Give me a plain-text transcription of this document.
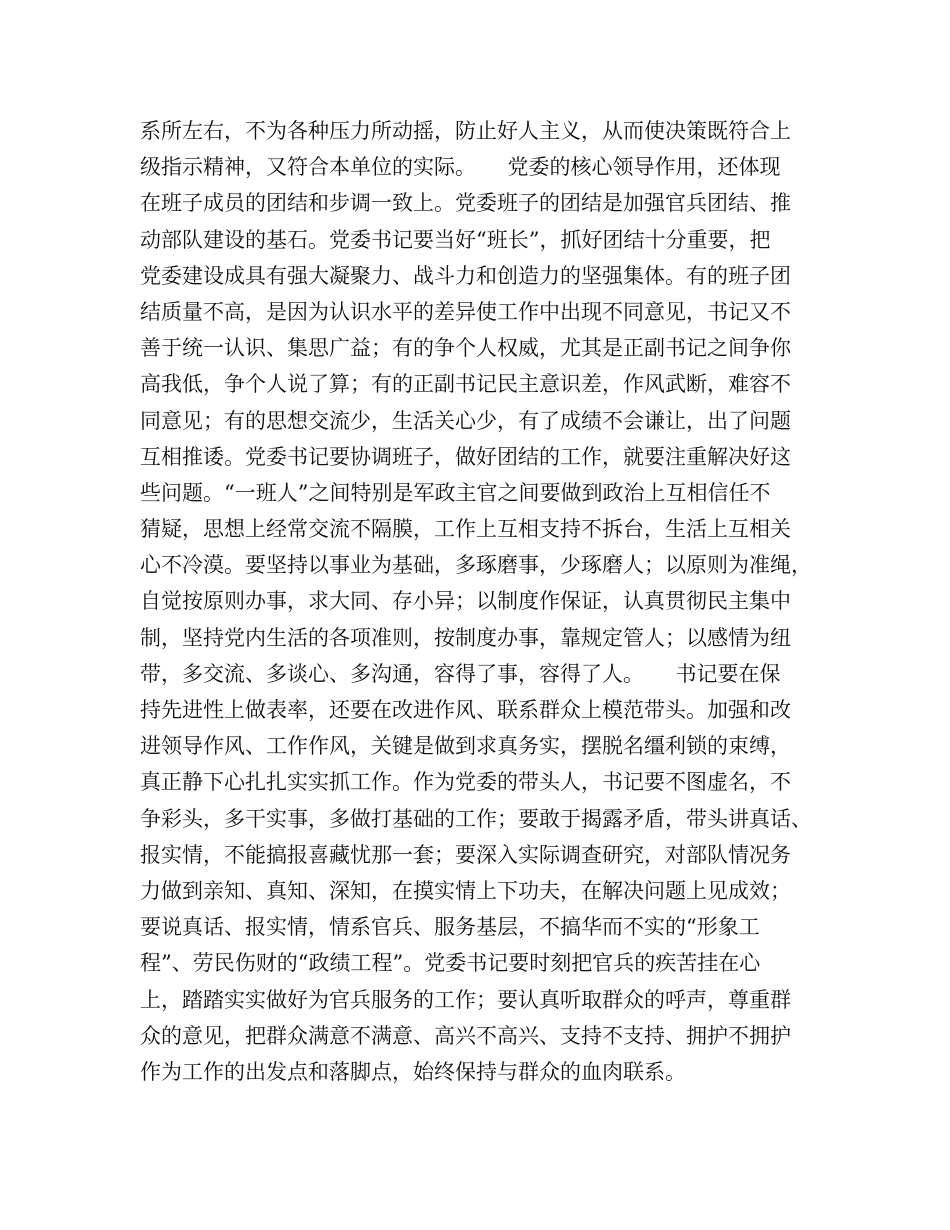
系所左右，不为各种压力所动摇，防止好人主义，从而使决策既符合上
级指示精神，又符合本单位的实际。　　党委的核心领导作用，还体现
在班子成员的团结和步调一致上。党委班子的团结是加强官兵团结、推
动部队建设的基石。党委书记要当好“班长”，抓好团结十分重要，把
党委建设成具有强大凝聚力、战斗力和创造力的坚强集体。有的班子团
结质量不高，是因为认识水平的差异使工作中出现不同意见，书记又不
善于统一认识、集思广益；有的争个人权威，尤其是正副书记之间争你
高我低，争个人说了算；有的正副书记民主意识差，作风武断，难容不
同意见；有的思想交流少，生活关心少，有了成绩不会谦让，出了问题
互相推诿。党委书记要协调班子，做好团结的工作，就要注重解决好这
些问题。“一班人”之间特别是军政主官之间要做到政治上互相信任不
猜疑，思想上经常交流不隔膜，工作上互相支持不拆台，生活上互相关
心不冷漠。要坚持以事业为基础，多琢磨事，少琢磨人；以原则为准绳，
自觉按原则办事，求大同、存小异；以制度作保证，认真贯彻民主集中
制，坚持党内生活的各项准则，按制度办事，靠规定管人；以感情为纽
带，多交流、多谈心、多沟通，容得了事，容得了人。　　书记要在保
持先进性上做表率，还要在改进作风、联系群众上模范带头。加强和改
进领导作风、工作作风，关键是做到求真务实，摆脱名缰利锁的束缚，
真正静下心扎扎实实抓工作。作为党委的带头人，书记要不图虚名，不
争彩头，多干实事，多做打基础的工作；要敢于揭露矛盾，带头讲真话、
报实情，不能搞报喜藏忧那一套；要深入实际调查研究，对部队情况务
力做到亲知、真知、深知，在摸实情上下功夫，在解决问题上见成效；
要说真话、报实情，情系官兵、服务基层，不搞华而不实的“形象工
程”、劳民伤财的“政绩工程”。党委书记要时刻把官兵的疾苦挂在心
上，踏踏实实做好为官兵服务的工作；要认真听取群众的呼声，尊重群
众的意见，把群众满意不满意、高兴不高兴、支持不支持、拥护不拥护
作为工作的出发点和落脚点，始终保持与群众的血肉联系。
